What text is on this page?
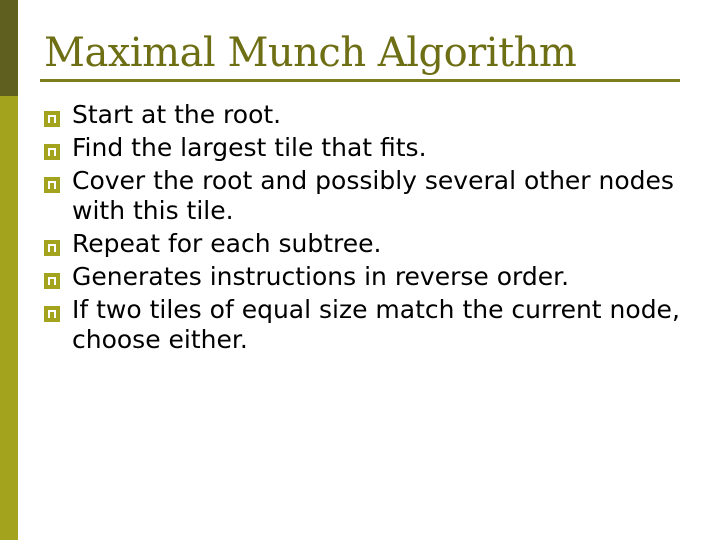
Maximal Munch Algorithm
Start at the root.
Find the largest tile that fits.
Cover the root and possibly several other nodes with this tile.
Repeat for each subtree.
Generates instructions in reverse order.
If two tiles of equal size match the current node, choose either.
